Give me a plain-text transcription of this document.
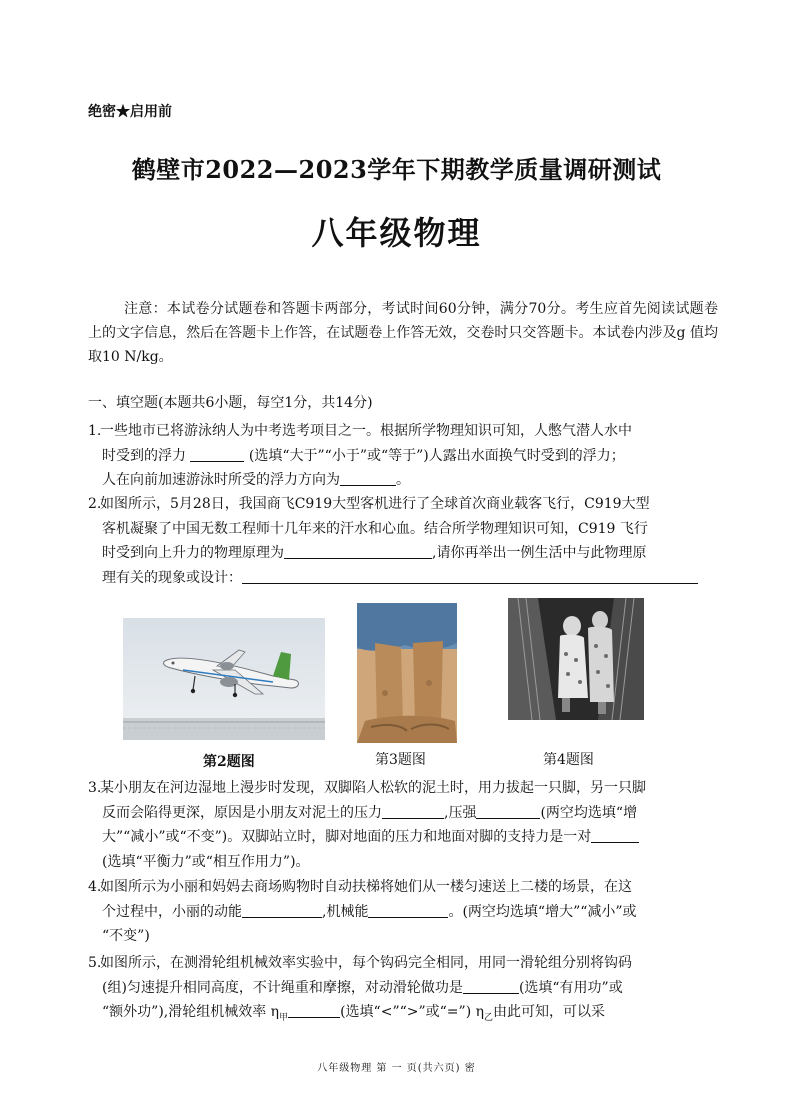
绝密★启用前
鹤壁市2022—2023学年下期教学质量调研测试
八年级物理
注意：本试卷分试题卷和答题卡两部分，考试时间60分钟，满分70分。考生应首先阅读试题卷上的文字信息，然后在答题卡上作答，在试题卷上作答无效，交卷时只交答题卡。本试卷内涉及g 值均取10 N/kg。
一、填空题(本题共6小题，每空1分，共14分)
1.一些地市已将游泳纳人为中考选考项目之一。根据所学物理知识可知，人憋气潜人水中
时受到的浮力	(选填“大于”“小于”或“等于”)人露出水面换气时受到的浮力；
人在向前加速游泳时所受的浮力方向为	。
2.如图所示，5月28日，我国商飞C919大型客机进行了全球首次商业载客飞行，C919大型
客机凝聚了中国无数工程师十几年来的汗水和心血。结合所学物理知识可知，C919 飞行
时受到向上升力的物理原理为	,请你再举出一例生活中与此物理原
理有关的现象或设计：
第2题图	第3题图	第4题图
3.某小朋友在河边湿地上漫步时发现，双脚陷人松软的泥土时，用力拔起一只脚，另一只脚
反而会陷得更深，原因是小朋友对泥土的压力	,压强	(两空均选填“增
大”“减小”或“不变”)。双脚站立时，脚对地面的压力和地面对脚的支持力是一对
(选填“平衡力”或“相互作用力”)。
4.如图所示为小丽和妈妈去商场购物时自动扶梯将她们从一楼匀速送上二楼的场景，在这
个过程中，小丽的动能	,机械能	。(两空均选填“增大”“减小”或
“不变”)
5.如图所示，在测滑轮组机械效率实验中，每个钩码完全相同，用同一滑轮组分别将钩码
(组)匀速提升相同高度，不计绳重和摩擦，对动滑轮做功是	(选填“有用功”或
“额外功”),滑轮组机械效率 $\eta_甲$	(选填“<”“>”或“=”) $\eta_乙$由此可知，可以采
八年级物理 第 一 页(共六页) 密
